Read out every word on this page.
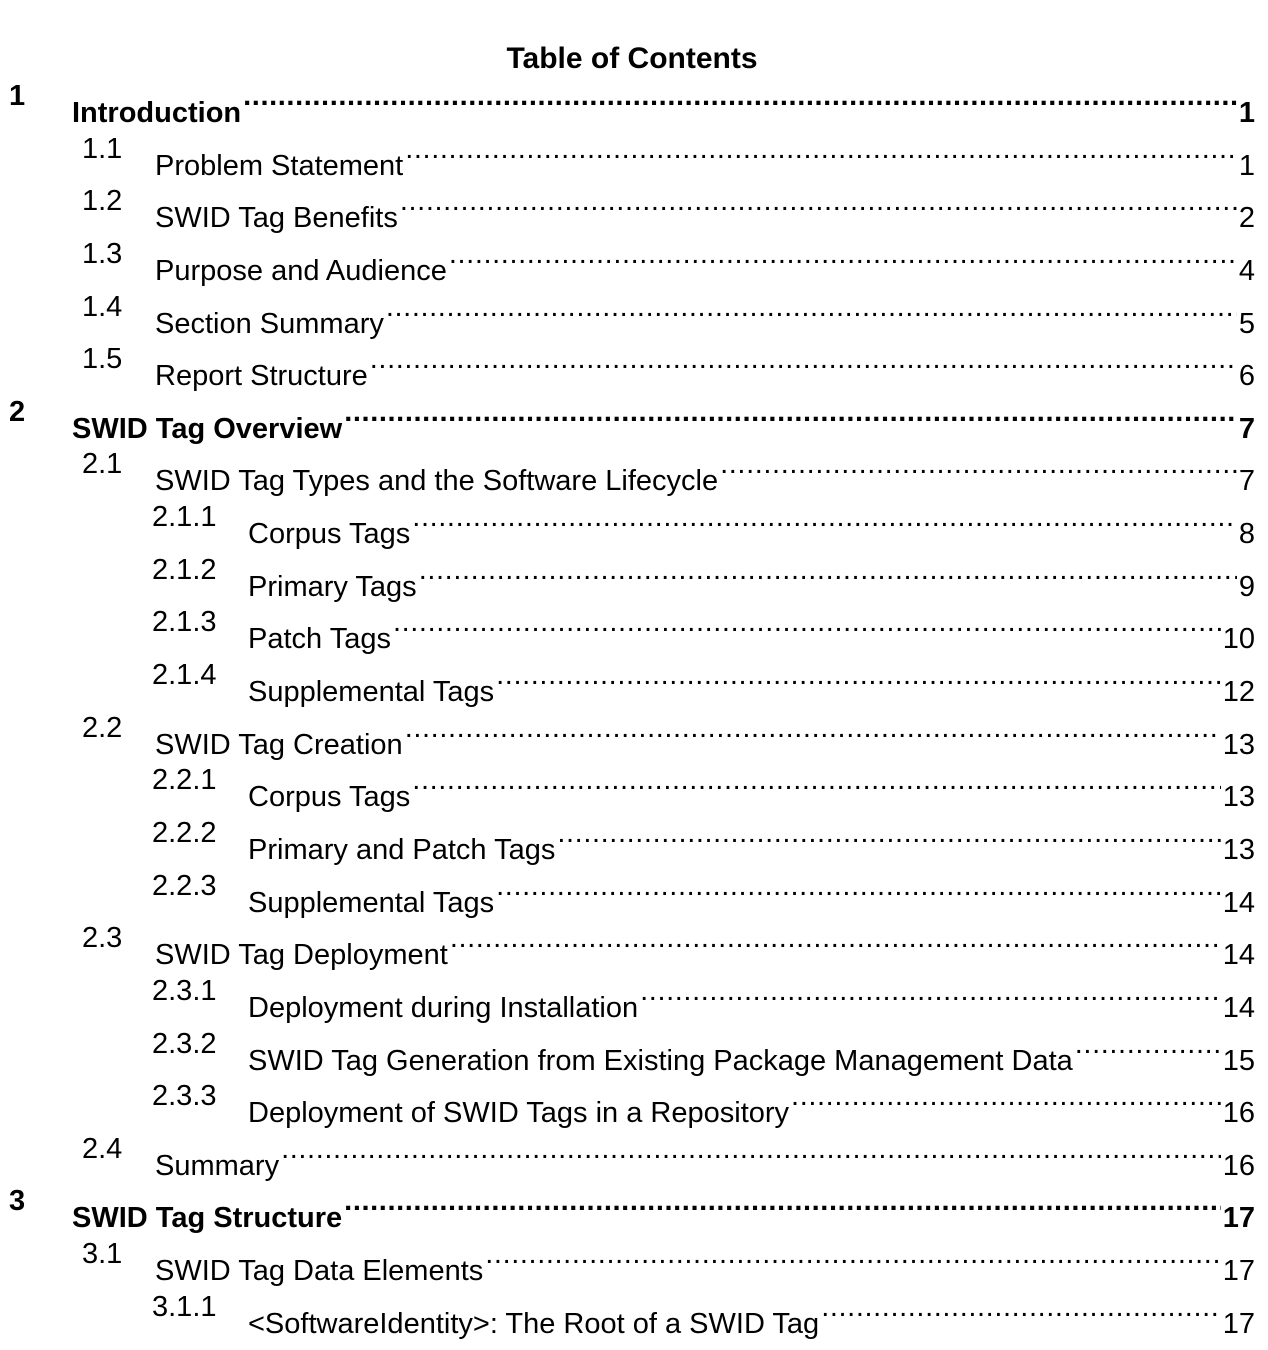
Table of Contents
1
Introduction .....	1
1.1
Problem Statement .....	1
1.2
SWID Tag Benefits .....	2
1.3
Purpose and Audience .....	4
1.4
Section Summary .....	5
1.5
Report Structure .....	6
2
SWID Tag Overview .....	7
2.1
SWID Tag Types and the Software Lifecycle .....	7
2.1.1
Corpus Tags .....	8
2.1.2
Primary Tags .....	9
2.1.3
Patch Tags .....	10
2.1.4
Supplemental Tags .....	12
2.2
SWID Tag Creation .....	13
2.2.1
Corpus Tags .....	13
2.2.2
Primary and Patch Tags .....	13
2.2.3
Supplemental Tags .....	14
2.3
SWID Tag Deployment .....	14
2.3.1
Deployment during Installation .....	14
2.3.2
SWID Tag Generation from Existing Package Management Data .....	15
2.3.3
Deployment of SWID Tags in a Repository .....	16
2.4
Summary .....	16
3
SWID Tag Structure .....	17
3.1
SWID Tag Data Elements .....	17
3.1.1
<SoftwareIdentity>: The Root of a SWID Tag .....	17
